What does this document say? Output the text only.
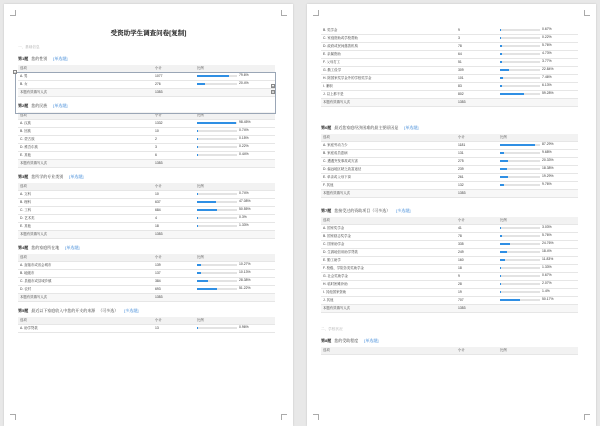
受资助学生调查问卷[复制]
一、基础信息
第1题 您的性别 [单选题]
选项	小计	比例
A. 男	1077	79.6%
B. 女	276	20.4%
本题有效填写人次	1353	
第2题 您的民族 [单选题]
选项	小计	比例
A. 汉族	1332	98.45%
B. 回族	10	0.74%
C. 蒙古族	2	0.15%
D. 维吾尔族	3	0.22%
E. 其他	6	0.44%
本题有效填写人次	1353	
第3题 您所学的专业类别 [单选题]
选项	小计	比例
A. 文科	10	0.74%
B. 理科	637	47.08%
C. 工科	684	50.55%
D. 艺术类	4	0.3%
E. 其他	18	1.33%
本题有效填写人次	1353	
第4题 您的家庭所在地 [单选题]
选项	小计	比例
A. 直辖市或省会城市	139	10.27%
B. 地级市	137	10.13%
C. 县级市或县城乡镇	384	28.38%
D. 农村	693	51.22%
本题有效填写人次	1353	
第5题 最近以下家庭收入中您的开支的来源 （可多选） [多选题]
选项	小计	比例
A. 助学贷款	13	0.96%
▴
▾
+
B. 奖学金	9	0.67%
C. 家庭资助或学校帮助	3	0.22%
D. 政府或民间慈善机构	78	5.76%
E. 亲属资助	64	4.73%
F. 父母打工	51	3.77%
G. 勤工俭学	309	22.84%
H. 除国家奖学金外的学校奖学金	101	7.46%
I. 兼职	83	6.13%
J. 以上都不是	802	59.28%
本题有效填写人次	1353	
第6题 最近您家庭经济困难的最主要原因是 [单选题]
选项	小计	比例
A. 家庭劳动力少	1181	87.29%
B. 家庭成员患病	131	9.68%
C. 遭遇突发事故或灾害	275	20.33%
D. 偏远地区缺乏致富途径	239	18.38%
E. 单亲或父母下岗	261	19.29%
F. 其他	132	9.76%
本题有效填写人次	1353	
第7题 您接受过的资助项目（可多选） [多选题]
选项	小计	比例
A. 国家奖学金	41	3.03%
B. 国家励志奖学金	78	5.76%
C. 国家助学金	335	24.76%
D. 生源地信用助学贷款	249	18.4%
E. 勤工助学	160	11.83%
F. 校级、学院各类奖助学金	18	1.33%
G. 社会奖助学金	9	0.67%
H. 临时困难补助	28	2.07%
I. 其他国家资助	19	1.4%
J. 其他	707	50.17%
本题有效填写人次	1353	
二、学校状况
第8题 您的受助程度 [单选题]
选项	小计	比例
